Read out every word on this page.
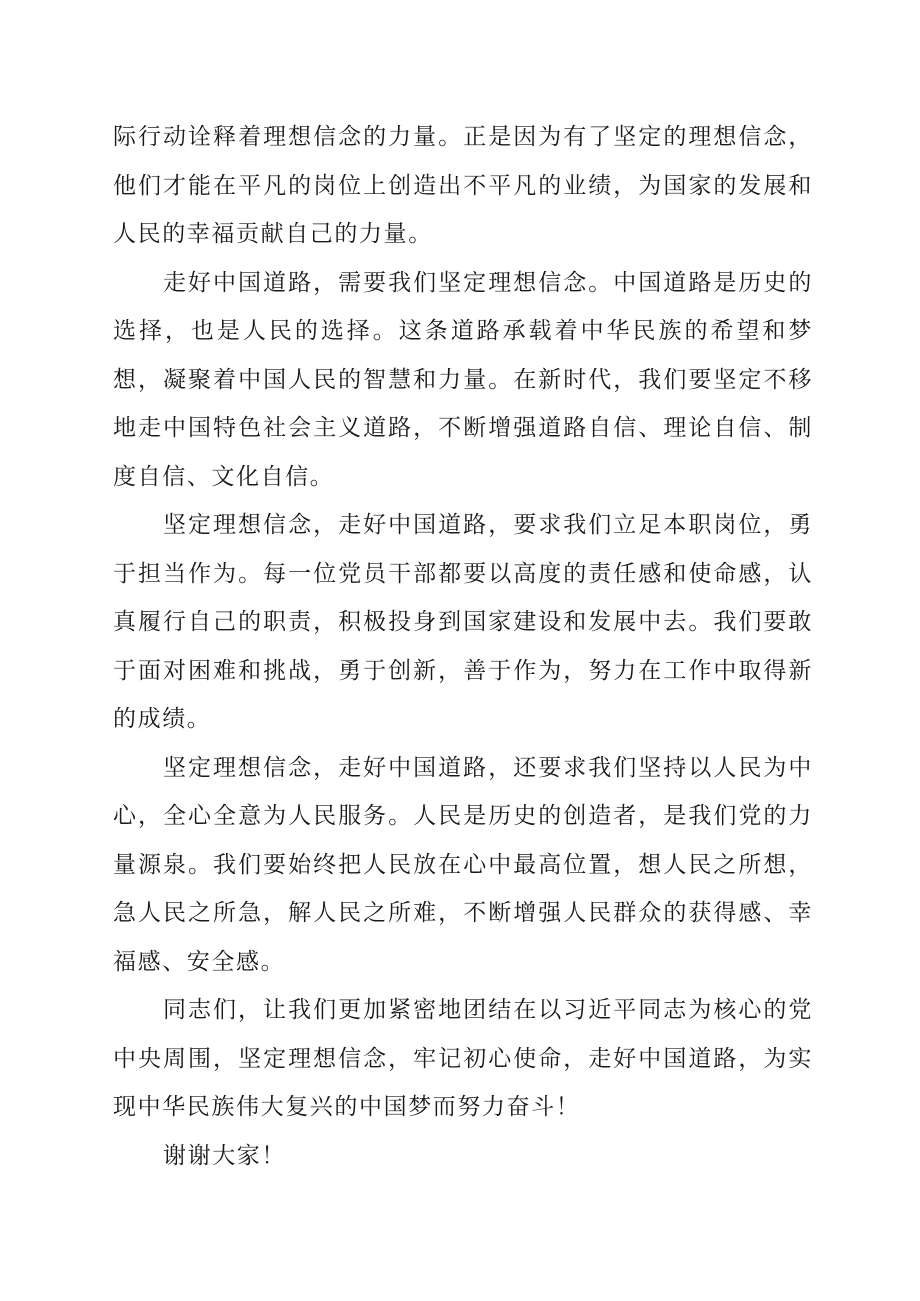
际行动诠释着理想信念的力量。正是因为有了坚定的理想信念，他们才能在平凡的岗位上创造出不平凡的业绩，为国家的发展和人民的幸福贡献自己的力量。

走好中国道路，需要我们坚定理想信念。中国道路是历史的选择，也是人民的选择。这条道路承载着中华民族的希望和梦想，凝聚着中国人民的智慧和力量。在新时代，我们要坚定不移地走中国特色社会主义道路，不断增强道路自信、理论自信、制度自信、文化自信。

坚定理想信念，走好中国道路，要求我们立足本职岗位，勇于担当作为。每一位党员干部都要以高度的责任感和使命感，认真履行自己的职责，积极投身到国家建设和发展中去。我们要敢于面对困难和挑战，勇于创新，善于作为，努力在工作中取得新的成绩。

坚定理想信念，走好中国道路，还要求我们坚持以人民为中心，全心全意为人民服务。人民是历史的创造者，是我们党的力量源泉。我们要始终把人民放在心中最高位置，想人民之所想，急人民之所急，解人民之所难，不断增强人民群众的获得感、幸福感、安全感。

同志们，让我们更加紧密地团结在以习近平同志为核心的党中央周围，坚定理想信念，牢记初心使命，走好中国道路，为实现中华民族伟大复兴的中国梦而努力奋斗！

谢谢大家！
